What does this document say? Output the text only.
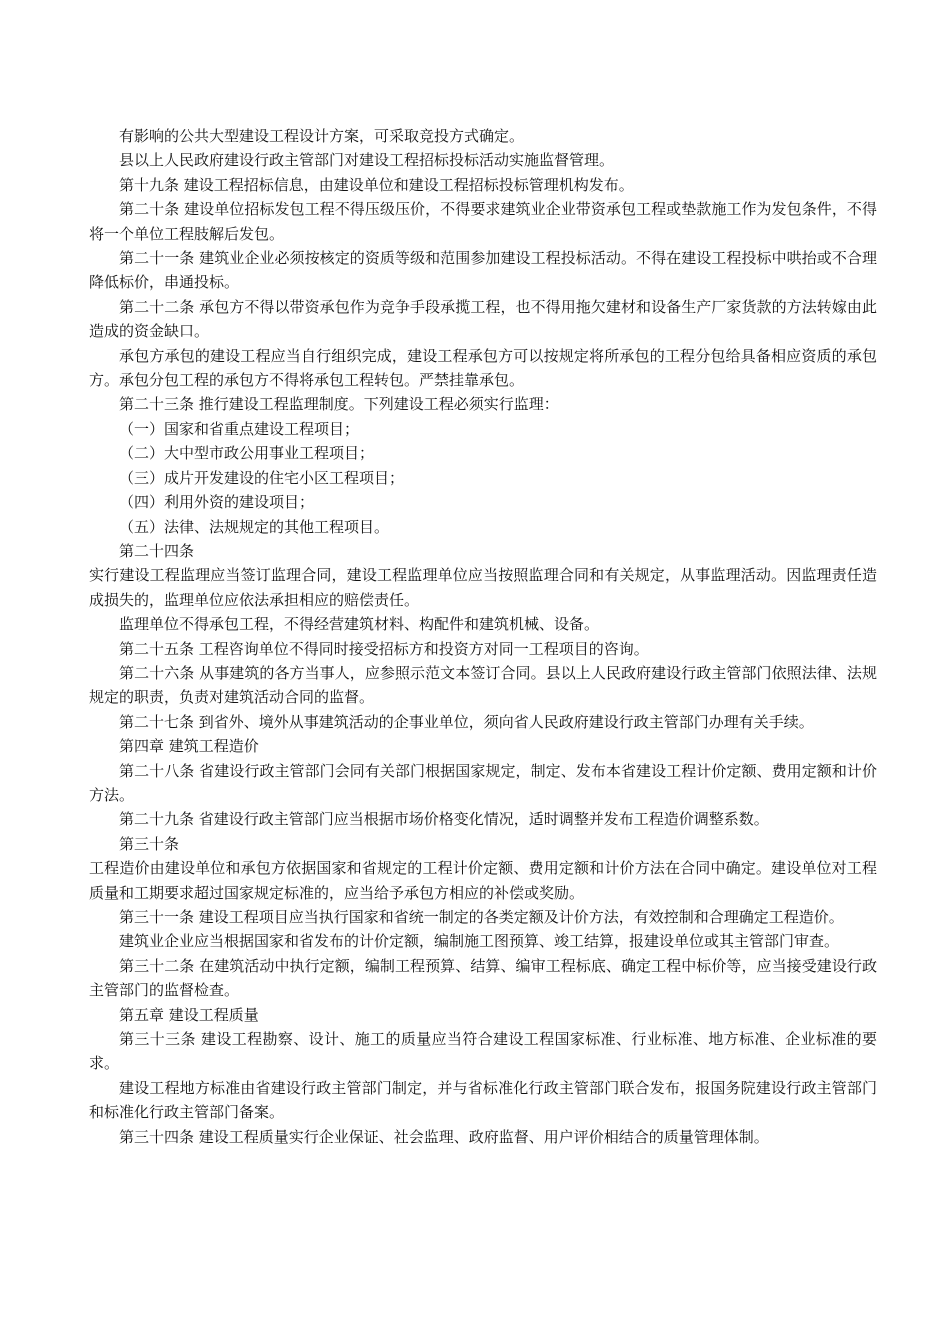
有影响的公共大型建设工程设计方案，可采取竞投方式确定。

县以上人民政府建设行政主管部门对建设工程招标投标活动实施监督管理。

第十九条 建设工程招标信息，由建设单位和建设工程招标投标管理机构发布。

第二十条 建设单位招标发包工程不得压级压价，不得要求建筑业企业带资承包工程或垫款施工作为发包条件，不得将一个单位工程肢解后发包。

第二十一条 建筑业企业必须按核定的资质等级和范围参加建设工程投标活动。不得在建设工程投标中哄抬或不合理降低标价，串通投标。

第二十二条 承包方不得以带资承包作为竞争手段承揽工程，也不得用拖欠建材和设备生产厂家货款的方法转嫁由此造成的资金缺口。

承包方承包的建设工程应当自行组织完成，建设工程承包方可以按规定将所承包的工程分包给具备相应资质的承包方。承包分包工程的承包方不得将承包工程转包。严禁挂靠承包。

第二十三条 推行建设工程监理制度。下列建设工程必须实行监理：

（一）国家和省重点建设工程项目；

（二）大中型市政公用事业工程项目；

（三）成片开发建设的住宅小区工程项目；

（四）利用外资的建设项目；

（五）法律、法规规定的其他工程项目。

第二十四条

实行建设工程监理应当签订监理合同，建设工程监理单位应当按照监理合同和有关规定，从事监理活动。因监理责任造成损失的，监理单位应依法承担相应的赔偿责任。

监理单位不得承包工程，不得经营建筑材料、构配件和建筑机械、设备。

第二十五条 工程咨询单位不得同时接受招标方和投资方对同一工程项目的咨询。

第二十六条 从事建筑的各方当事人，应参照示范文本签订合同。县以上人民政府建设行政主管部门依照法律、法规规定的职责，负责对建筑活动合同的监督。

第二十七条 到省外、境外从事建筑活动的企事业单位，须向省人民政府建设行政主管部门办理有关手续。

第四章 建筑工程造价

第二十八条 省建设行政主管部门会同有关部门根据国家规定，制定、发布本省建设工程计价定额、费用定额和计价方法。

第二十九条 省建设行政主管部门应当根据市场价格变化情况，适时调整并发布工程造价调整系数。

第三十条

工程造价由建设单位和承包方依据国家和省规定的工程计价定额、费用定额和计价方法在合同中确定。建设单位对工程质量和工期要求超过国家规定标准的，应当给予承包方相应的补偿或奖励。

第三十一条 建设工程项目应当执行国家和省统一制定的各类定额及计价方法，有效控制和合理确定工程造价。

建筑业企业应当根据国家和省发布的计价定额，编制施工图预算、竣工结算，报建设单位或其主管部门审查。

第三十二条 在建筑活动中执行定额，编制工程预算、结算、编审工程标底、确定工程中标价等，应当接受建设行政主管部门的监督检查。

第五章 建设工程质量

第三十三条 建设工程勘察、设计、施工的质量应当符合建设工程国家标准、行业标准、地方标准、企业标准的要求。

建设工程地方标准由省建设行政主管部门制定，并与省标准化行政主管部门联合发布，报国务院建设行政主管部门和标准化行政主管部门备案。

第三十四条 建设工程质量实行企业保证、社会监理、政府监督、用户评价相结合的质量管理体制。
